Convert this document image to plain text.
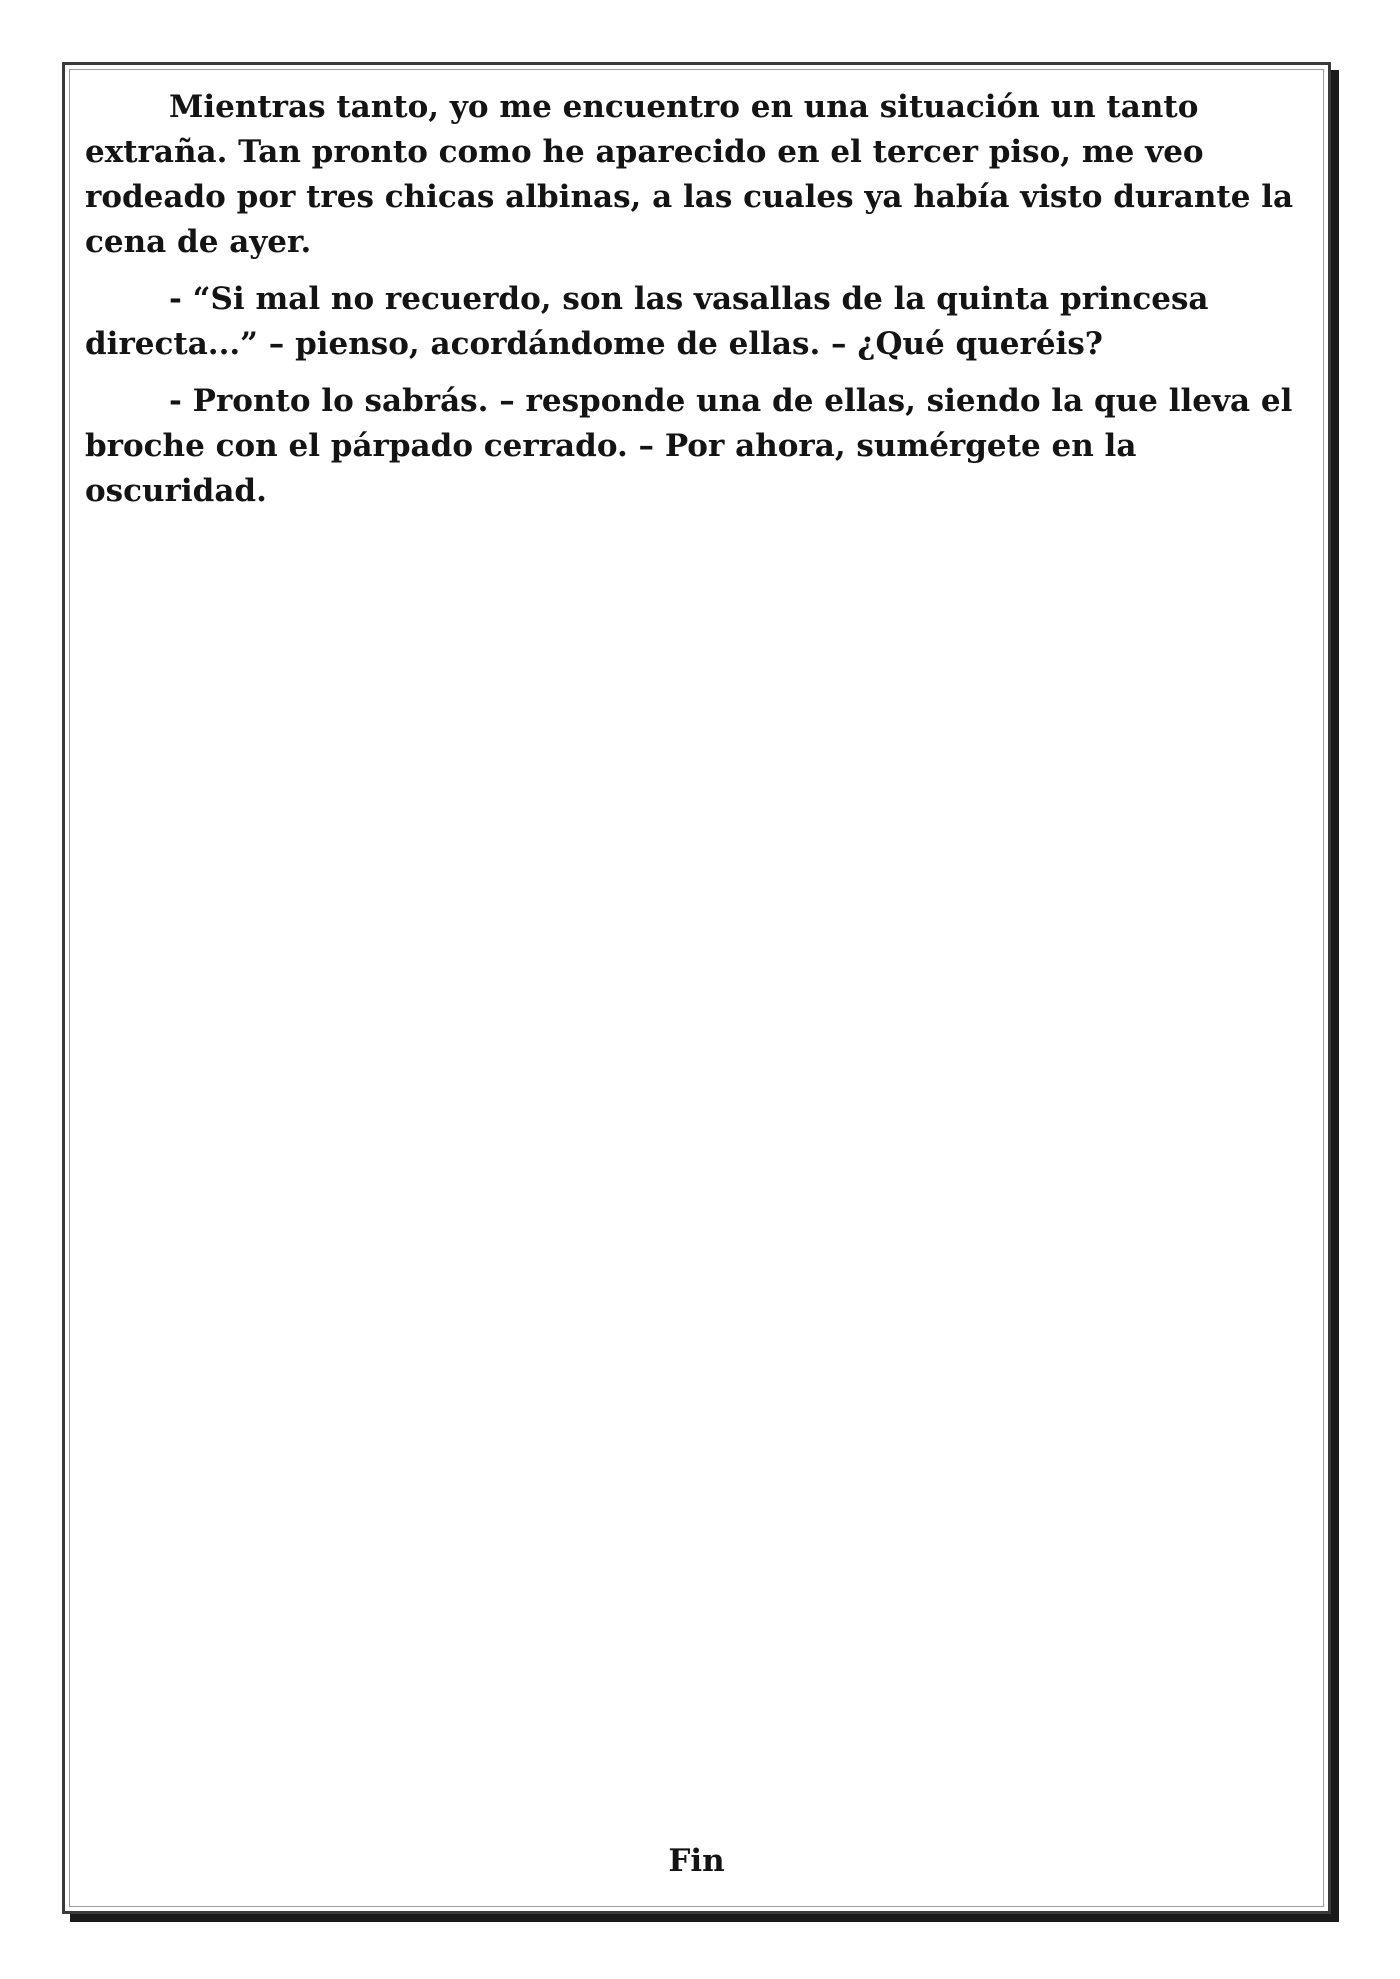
Mientras tanto, yo me encuentro en una situación un tanto extraña. Tan pronto como he aparecido en el tercer piso, me veo rodeado por tres chicas albinas, a las cuales ya había visto durante la cena de ayer.

- “Si mal no recuerdo, son las vasallas de la quinta princesa directa...” – pienso, acordándome de ellas. – ¿Qué queréis?

- Pronto lo sabrás. – responde una de ellas, siendo la que lleva el broche con el párpado cerrado. – Por ahora, sumérgete en la oscuridad.

Fin
